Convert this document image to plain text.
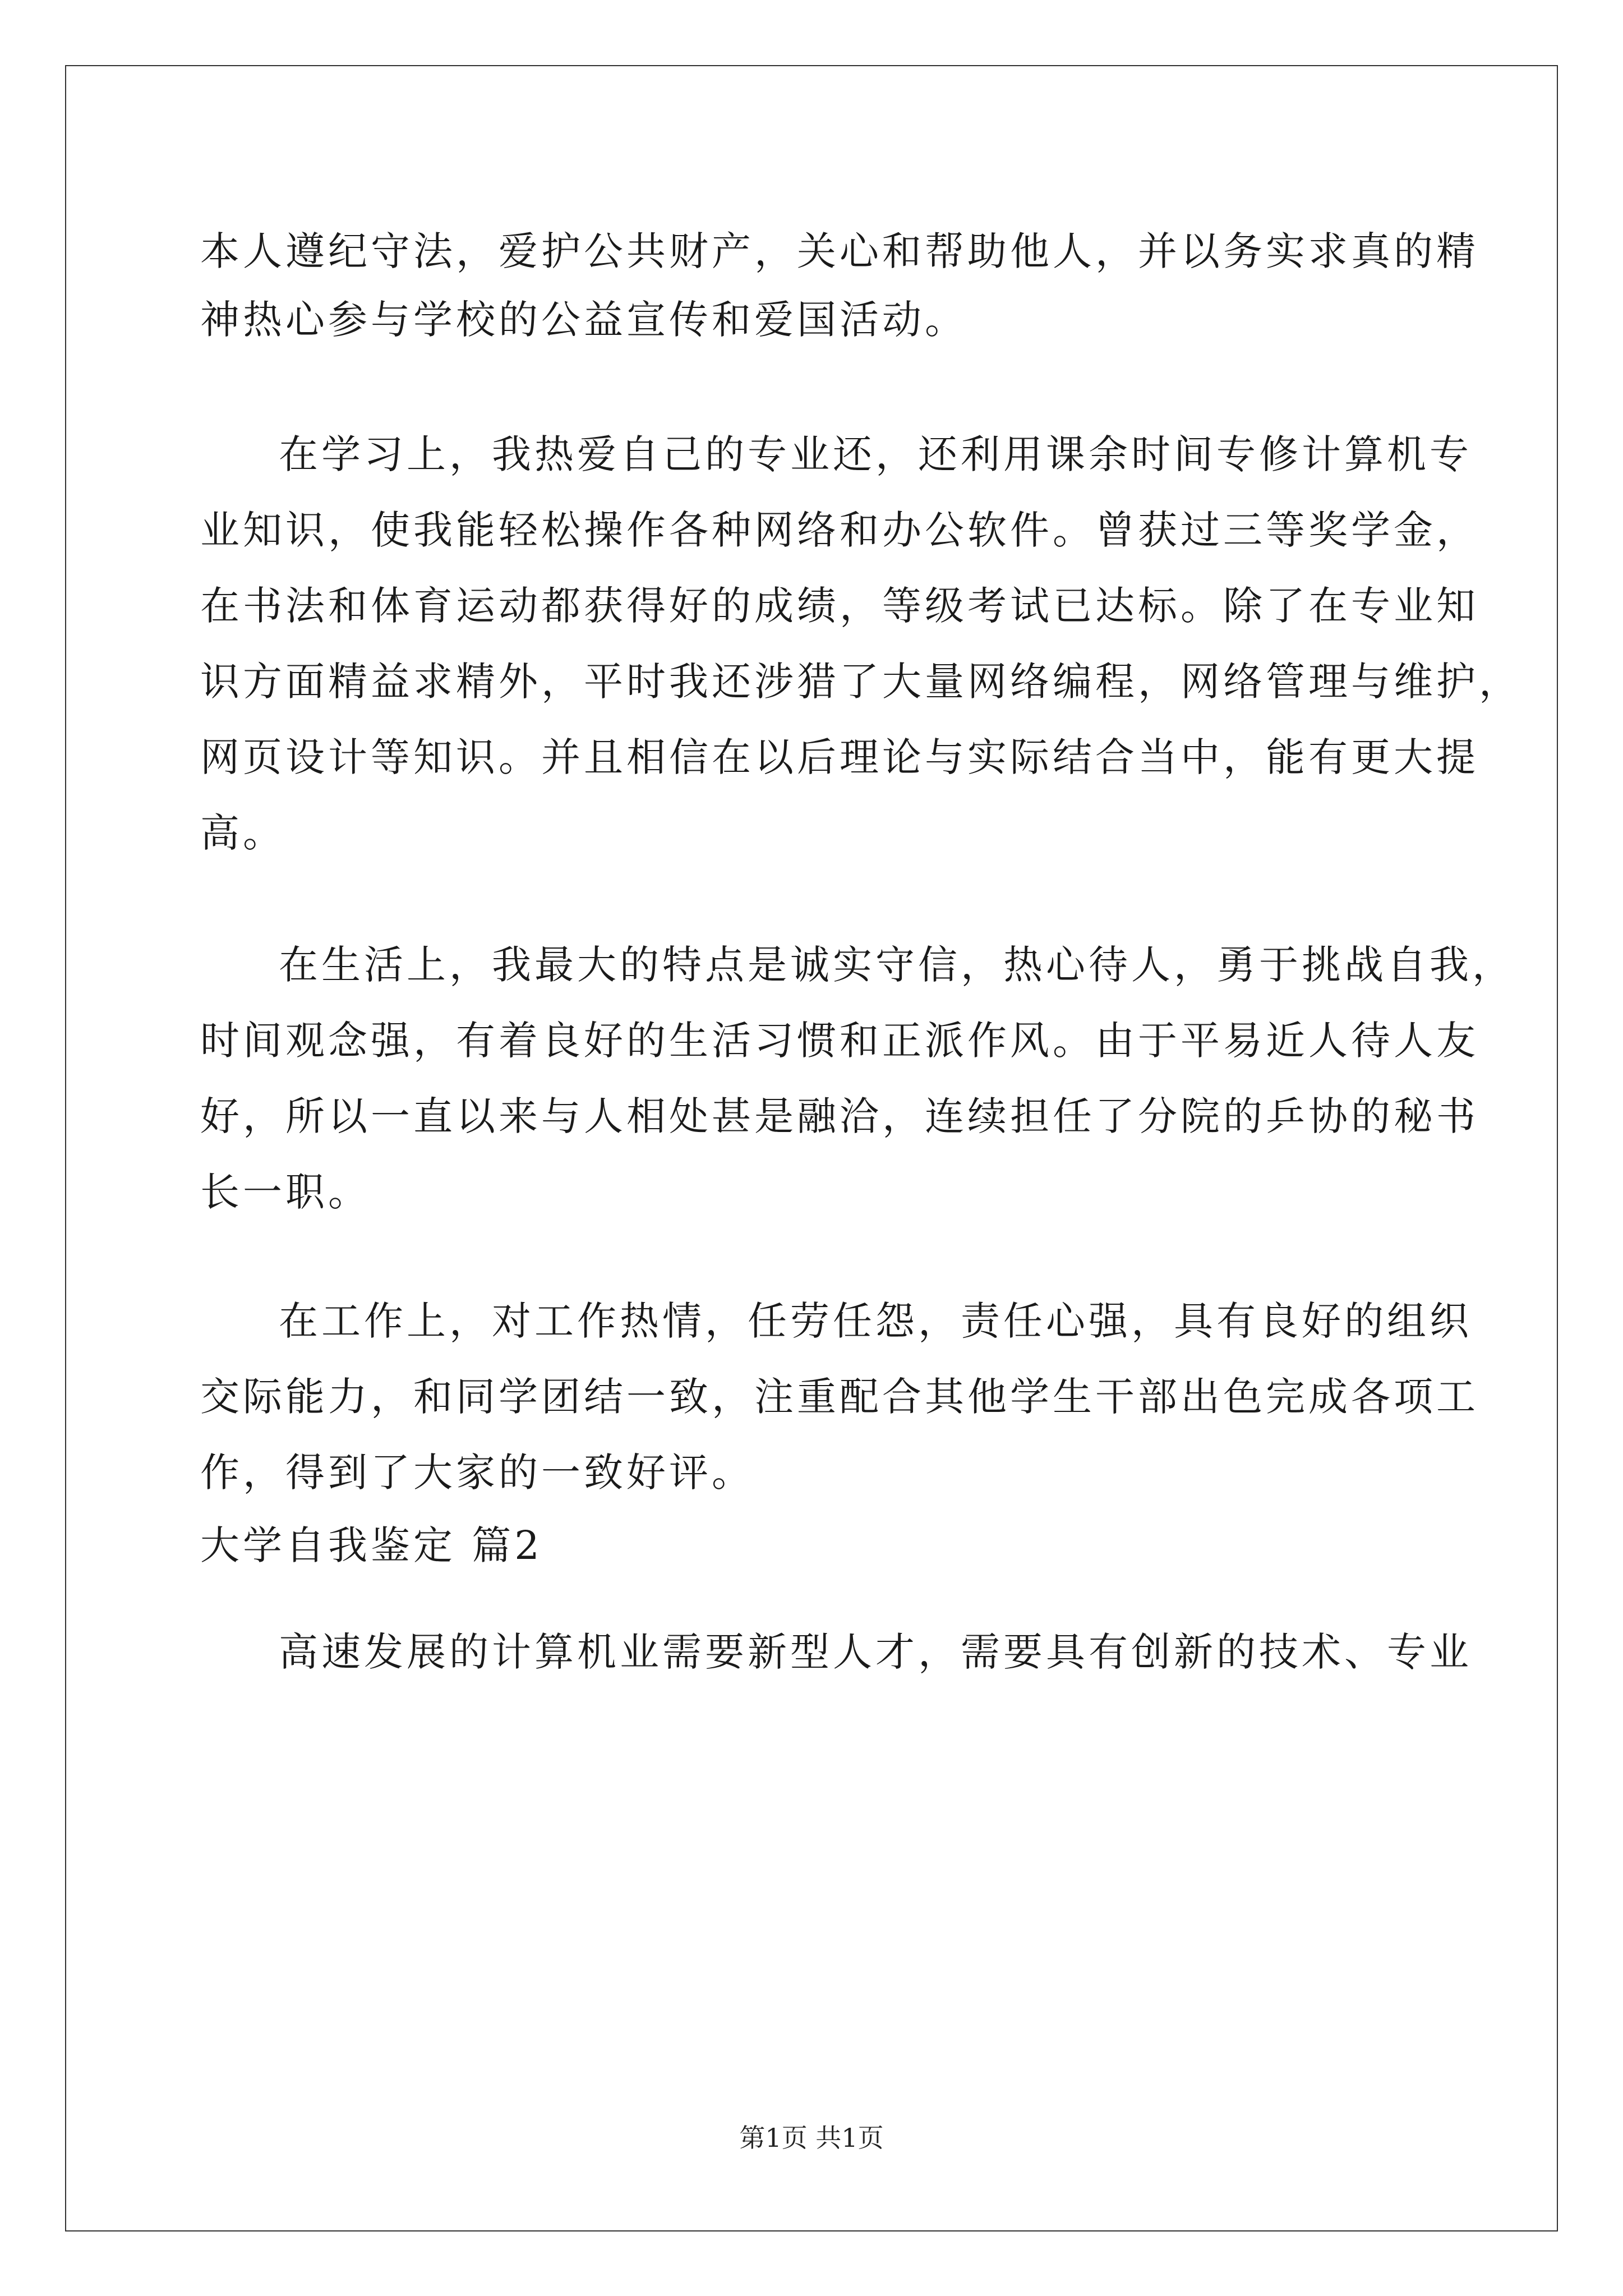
本人遵纪守法，爱护公共财产，关心和帮助他人，并以务实求真的精
神热心参与学校的公益宣传和爱国活动。
在学习上，我热爱自己的专业还，还利用课余时间专修计算机专
业知识，使我能轻松操作各种网络和办公软件。曾获过三等奖学金，
在书法和体育运动都获得好的成绩，等级考试已达标。除了在专业知
识方面精益求精外，平时我还涉猎了大量网络编程，网络管理与维护，
网页设计等知识。并且相信在以后理论与实际结合当中，能有更大提
高。
在生活上，我最大的特点是诚实守信，热心待人，勇于挑战自我，
时间观念强，有着良好的生活习惯和正派作风。由于平易近人待人友
好，所以一直以来与人相处甚是融洽，连续担任了分院的乒协的秘书
长一职。
在工作上，对工作热情，任劳任怨，责任心强，具有良好的组织
交际能力，和同学团结一致，注重配合其他学生干部出色完成各项工
作，得到了大家的一致好评。
大学自我鉴定 篇2
高速发展的计算机业需要新型人才，需要具有创新的技术、专业
第1页 共1页
